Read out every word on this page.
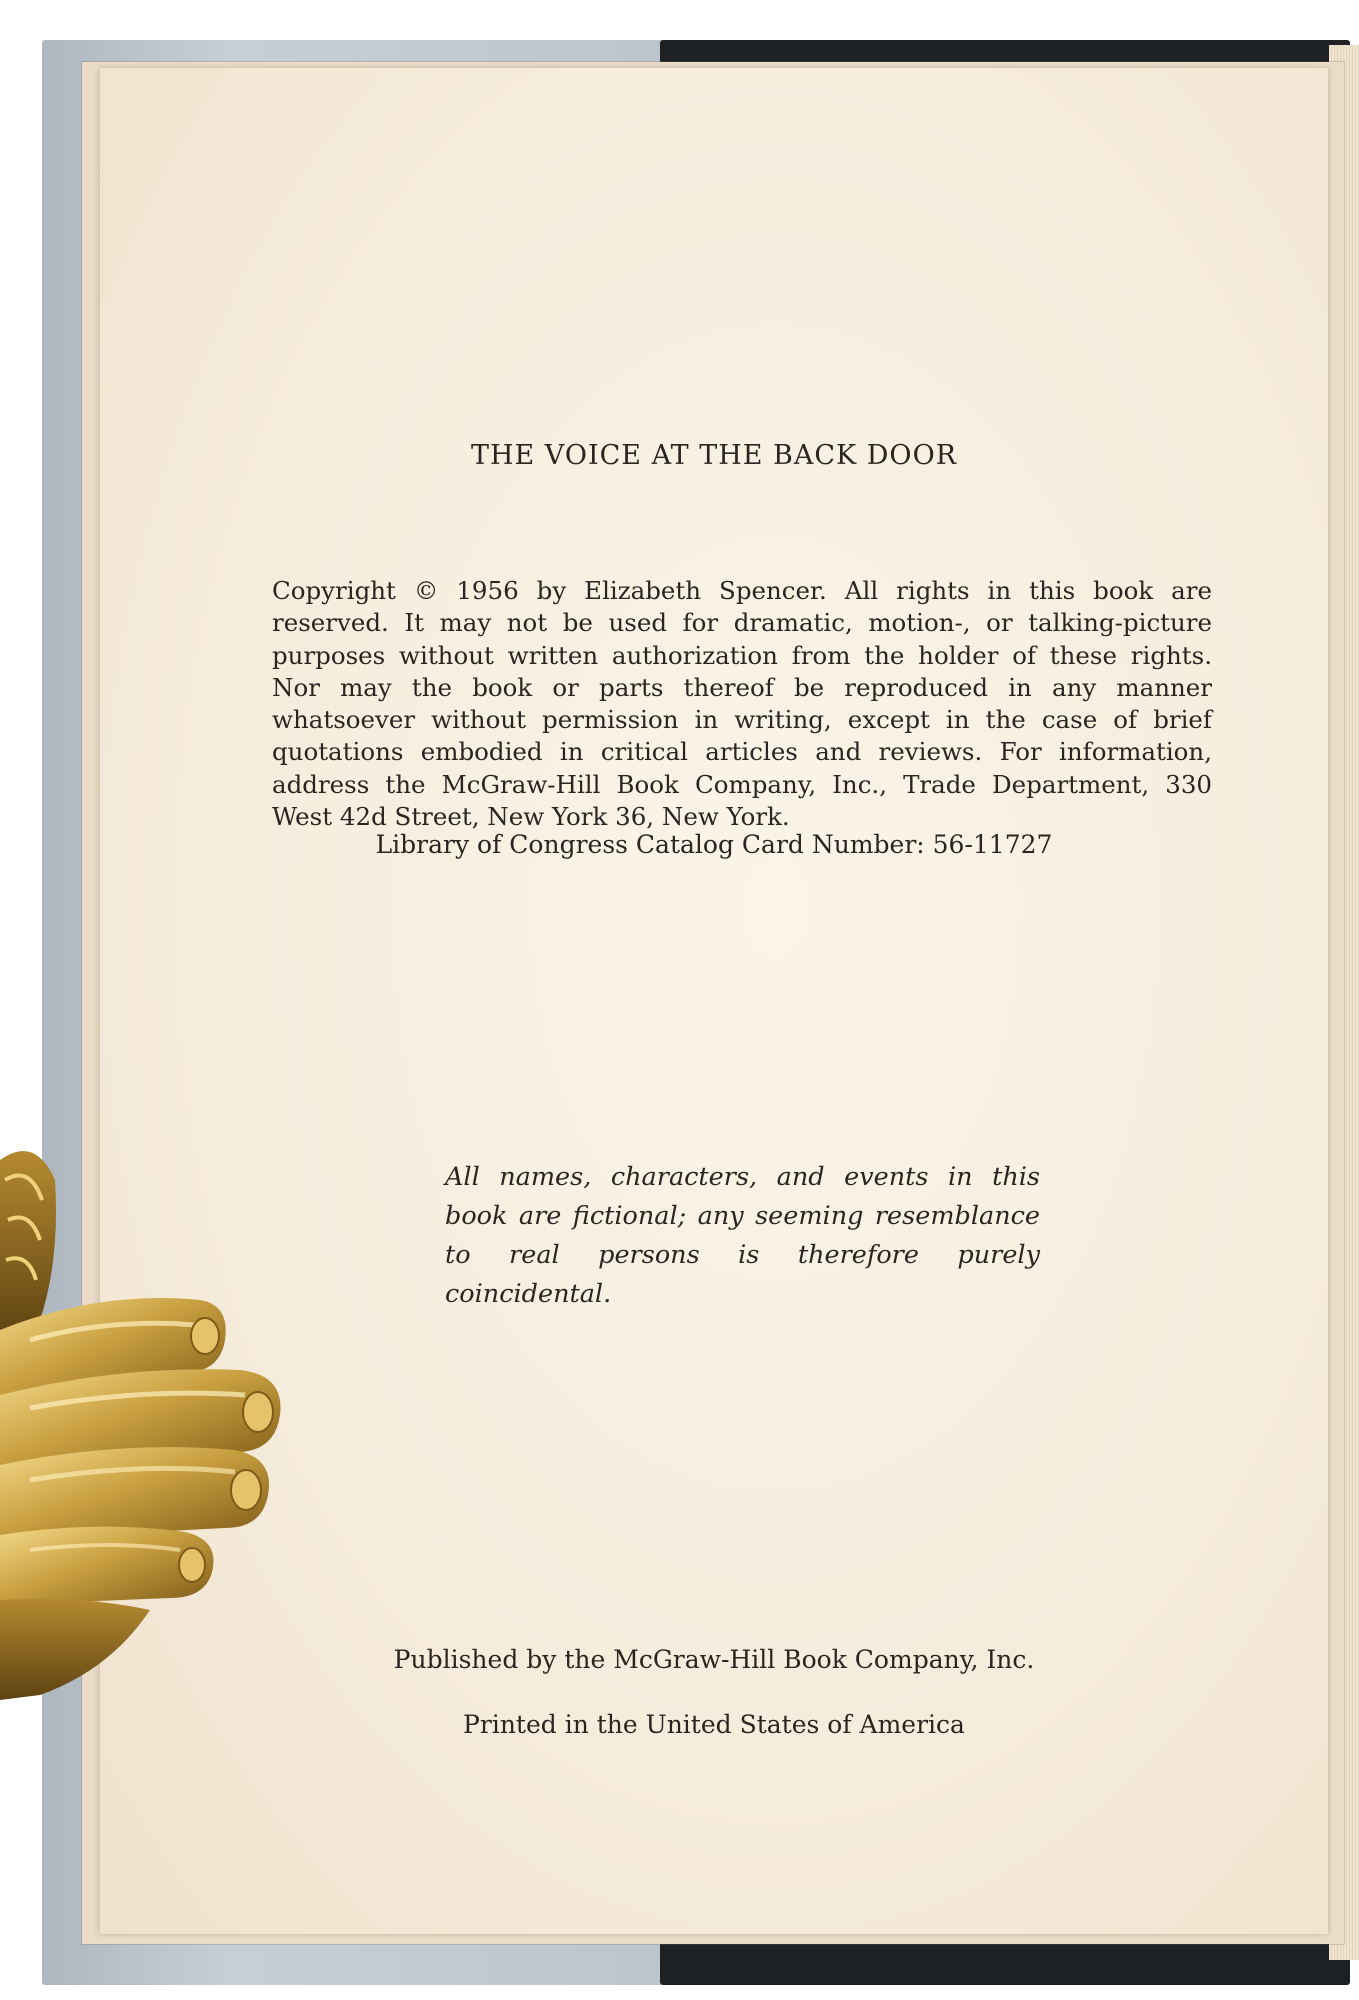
THE VOICE AT THE BACK DOOR
Copyright © 1956 by Elizabeth Spencer. All rights in this book are reserved. It may not be used for dramatic, motion-, or talking-picture purposes without written authorization from the holder of these rights. Nor may the book or parts thereof be reproduced in any manner whatsoever without permission in writing, except in the case of brief quotations embodied in critical articles and reviews. For information, address the McGraw-Hill Book Company, Inc., Trade Department, 330 West 42d Street, New York 36, New York.
Library of Congress Catalog Card Number: 56-11727
All names, characters, and events in this book are fictional; any seeming resemblance to real persons is therefore purely coincidental.
Published by the McGraw-Hill Book Company, Inc.
Printed in the United States of America
